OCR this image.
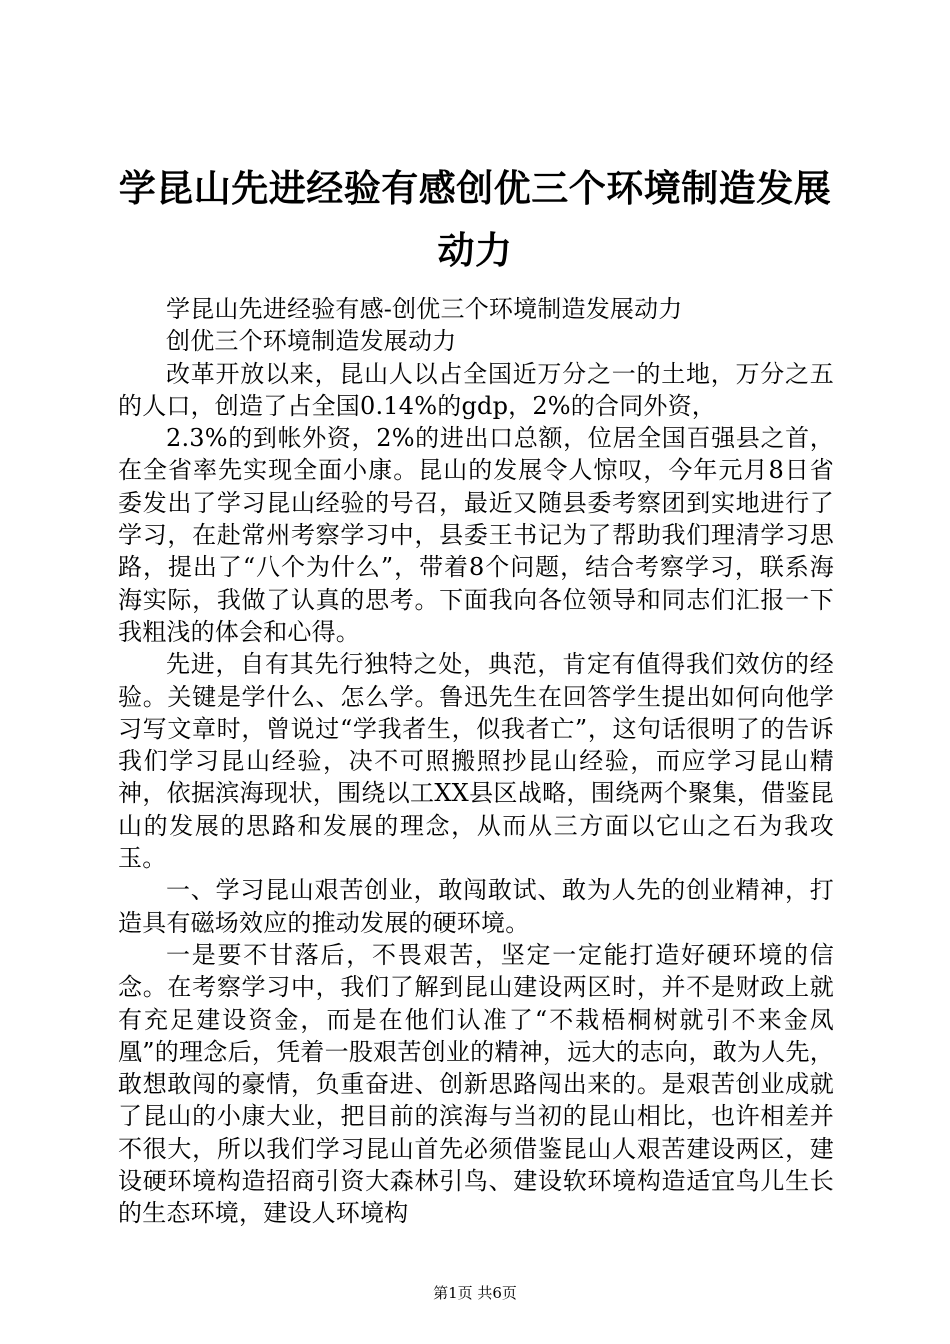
学昆山先进经验有感创优三个环境制造发展动力

学昆山先进经验有感-创优三个环境制造发展动力

创优三个环境制造发展动力

改革开放以来，昆山人以占全国近万分之一的土地，万分之五的人口，创造了占全国0.14%的gdp，2%的合同外资，

2.3%的到帐外资，2%的进出口总额，位居全国百强县之首，在全省率先实现全面小康。昆山的发展令人惊叹，今年元月8日省委发出了学习昆山经验的号召，最近又随县委考察团到实地进行了学习，在赴常州考察学习中，县委王书记为了帮助我们理清学习思路，提出了“八个为什么”，带着8个问题，结合考察学习，联系海海实际，我做了认真的思考。下面我向各位领导和同志们汇报一下我粗浅的体会和心得。

先进，自有其先行独特之处，典范，肯定有值得我们效仿的经验。关键是学什么、怎么学。鲁迅先生在回答学生提出如何向他学习写文章时，曾说过“学我者生，似我者亡”，这句话很明了的告诉我们学习昆山经验，决不可照搬照抄昆山经验，而应学习昆山精神，依据滨海现状，围绕以工XX县区战略，围绕两个聚集，借鉴昆山的发展的思路和发展的理念，从而从三方面以它山之石为我攻玉。

一、学习昆山艰苦创业，敢闯敢试、敢为人先的创业精神，打造具有磁场效应的推动发展的硬环境。

一是要不甘落后，不畏艰苦，坚定一定能打造好硬环境的信念。在考察学习中，我们了解到昆山建设两区时，并不是财政上就有充足建设资金，而是在他们认准了“不栽梧桐树就引不来金凤凰”的理念后，凭着一股艰苦创业的精神，远大的志向，敢为人先，敢想敢闯的豪情，负重奋进、创新思路闯出来的。是艰苦创业成就了昆山的小康大业，把目前的滨海与当初的昆山相比，也许相差并不很大，所以我们学习昆山首先必须借鉴昆山人艰苦建设两区，建设硬环境构造招商引资大森林引鸟、建设软环境构造适宜鸟儿生长的生态环境，建设人环境构

第1页 共6页
